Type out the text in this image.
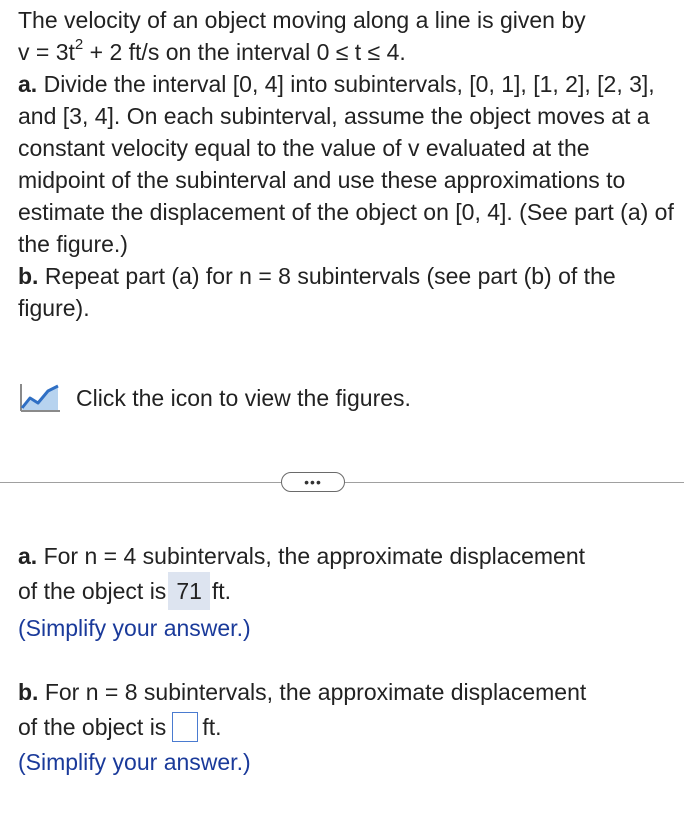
The velocity of an object moving along a line is given by

$v = 3t^2 + 2$ ft/s on the interval 0 ≤ t ≤ 4.

a. Divide the interval [0, 4] into subintervals, [0, 1], [1, 2], [2, 3], and [3, 4]. On each subinterval, assume the object moves at a constant velocity equal to the value of v evaluated at the midpoint of the subinterval and use these approximations to estimate the displacement of the object on [0, 4]. (See part (a) of the figure.)

b. Repeat part (a) for n = 8 subintervals (see part (b) of the figure).

Click the icon to view the figures.
•••

a. For n = 4 subintervals, the approximate displacement

of the object is 71 ft.

(Simplify your answer.)

b. For n = 8 subintervals, the approximate displacement

of the object is ft.

(Simplify your answer.)
